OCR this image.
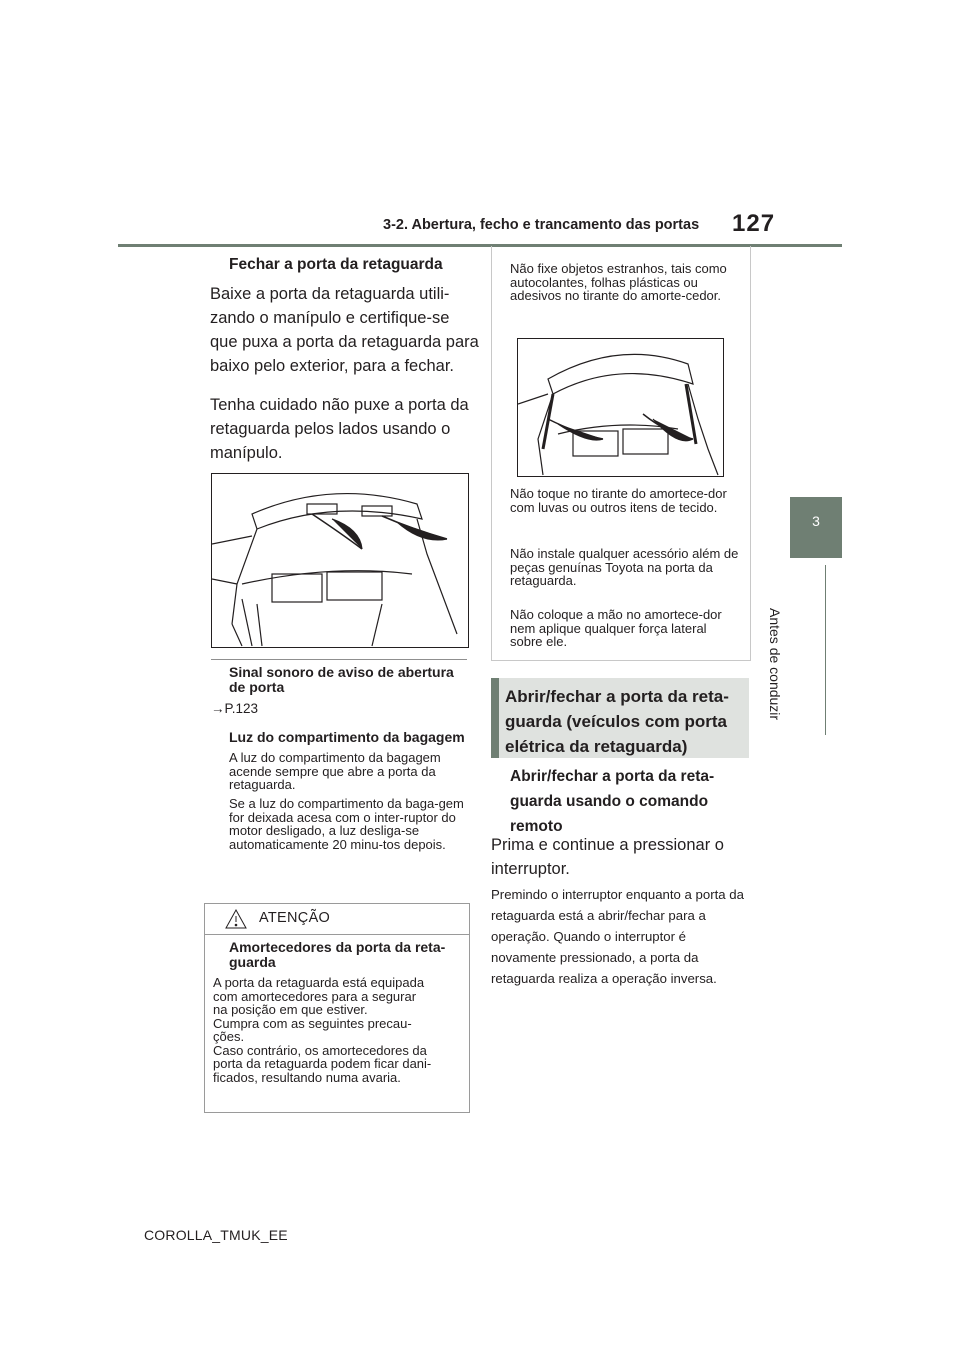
3-2. Abertura, fecho e trancamento das portas 127
3
Antes de conduzir
Fechar a porta da retaguarda
Baixe a porta da retaguarda utili-zando o manípulo e certifique-se que puxa a porta da retaguarda para baixo pelo exterior, para a fechar.
Tenha cuidado não puxe a porta da retaguarda pelos lados usando o manípulo.
Sinal sonoro de aviso de abertura de porta
→P.123
Luz do compartimento da bagagem
A luz do compartimento da bagagem acende sempre que abre a porta da retaguarda.
Se a luz do compartimento da baga-gem for deixada acesa com o inter-ruptor do motor desligado, a luz desliga-se automaticamente 20 minu-tos depois.
ATENÇÃO
Amortecedores da porta da reta-guarda
A porta da retaguarda está equipada
com amortecedores para a segurar
na posição em que estiver.
Cumpra com as seguintes precau-
ções.
Caso contrário, os amortecedores da
porta da retaguarda podem ficar dani-
ficados, resultando numa avaria.
Não fixe objetos estranhos, tais como autocolantes, folhas plásticas ou adesivos no tirante do amorte-cedor.
Não toque no tirante do amortece-dor com luvas ou outros itens de tecido.
Não instale qualquer acessório além de peças genuínas Toyota na porta da retaguarda.
Não coloque a mão no amortece-dor nem aplique qualquer força lateral sobre ele.
Abrir/fechar a porta da reta-guarda (veículos com porta elétrica da retaguarda)
Abrir/fechar a porta da reta-guarda usando o comando remoto
Prima e continue a pressionar o interruptor.
Premindo o interruptor enquanto a porta da retaguarda está a abrir/fechar para a operação. Quando o interruptor é novamente pressionado, a porta da retaguarda realiza a operação inversa.
COROLLA_TMUK_EE
